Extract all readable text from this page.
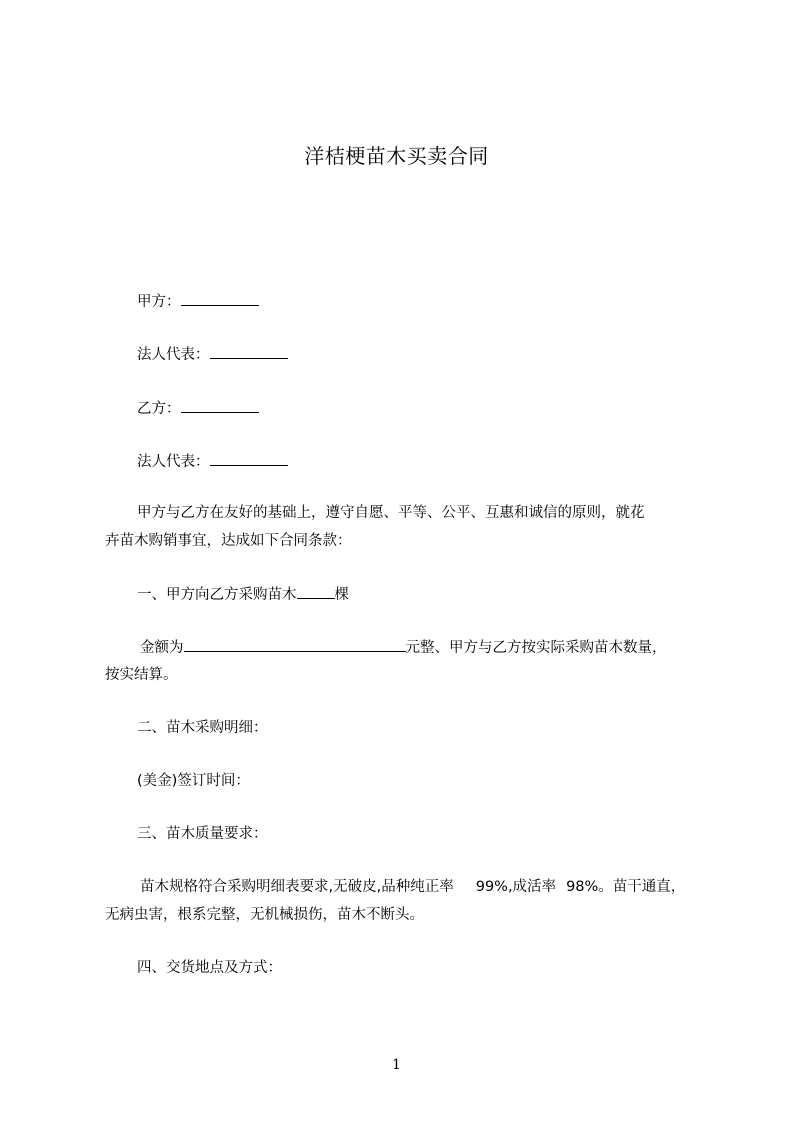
洋桔梗苗木买卖合同
甲方：
法人代表：
乙方：
法人代表：
甲方与乙方在友好的基础上，遵守自愿、平等、公平、互惠和诚信的原则，就花
卉苗木购销事宜，达成如下合同条款：
一、甲方向乙方采购苗木	棵
金额为	元整、甲方与乙方按实际采购苗木数量，
按实结算。
二、苗木采购明细：
(美金)签订时间：
三、苗木质量要求：
苗木规格符合采购明细表要求,无破皮,品种纯正率 99%,成活率 98%。苗干通直，
无病虫害，根系完整，无机械损伤，苗木不断头。
四、交货地点及方式：
1
